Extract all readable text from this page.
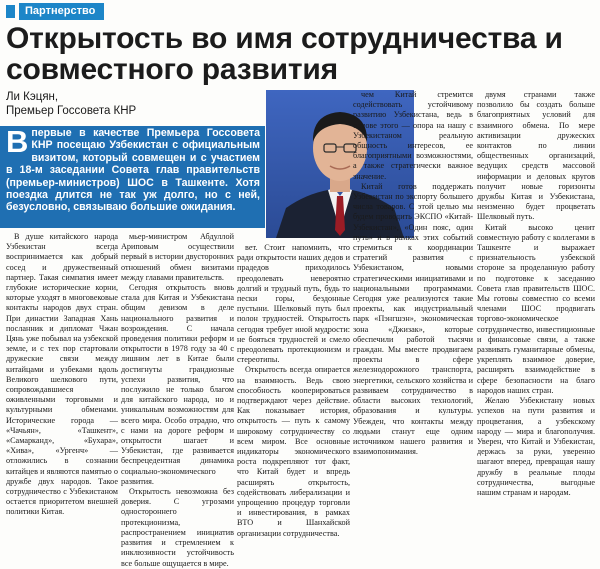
Партнерство
Открытость во имя сотрудничества и совместного развития
Ли Кэцян,
Премьер Госсовета КНР
В первые в качестве Премьера Госсовета КНР посещаю Узбекистан с официальным визитом, который совмещен и с участием в 18-м заседании Совета глав правительств (премьер-министров) ШОС в Ташкенте. Хотя поездка длится не так уж долго, но с ней, безусловно, связываю большие ожидания.

В душе китайского народа Узбекистан всегда воспринимается как добрый сосед и дружественный партнер. Такая симпатия имеет глубокие исторические корни, которые уходят в многовековые контакты народов двух стран. При династии Западная Хань посланник и дипломат Чжан Цянь уже побывал на узбекской земле, и с тех пор стартовали дружеские связи между китайцами и узбеками вдоль Великого шелкового пути, сопровождавшиеся оживленными торговыми и культурными обменами. Исторические города — «Чачьян», «Ташкент», «Самарканд», «Бухара», «Хива», «Ургенч» — отложились в сознании китайцев и являются памятью о дружбе двух народов. Такое сотрудничество с Узбекистаном остается приоритетом внешней политики Китая.

мьер-министром Абдуллой Ариповым осуществили первый в истории двусторонних отношений обмен визитами между главами правительств.

Сегодня открытость вновь стала для Китая и Узбекистана общим девизом в деле национального развития и возрождения. С начала проведения политики реформ и открытости в 1978 году за 40 с лишним лет в Китае были достигнуты грандиозные успехи развития, что послужило не только благом для китайского народа, но и уникальным возможностям для всего мира. Особо отрадно, что с нами на дороге реформ и открытости шагает и Узбекистан, где развивается беспрецедентная динамика социально-экономического развития.

Открытость невозможна без доверия. С угрозами одностороннего протекционизма, распространением инициатив развития и стремлением к инклюзивности устойчивость все больше ощущается в мире.

вет. Стоит напомнить, что ради открытости наших дедов и прадедов приходилось преодолевать невероятно долгий и трудный путь, будь то пески горы, бездонные пустыни. Шелковый путь был полон трудностей. Открытость сегодня требует иной мудрости: не бояться трудностей и смело преодолевать протекционизм и стереотипы.

Открытость всегда опирается на взаимность. Ведь свою способность кооперироваться подтверждают через действие. Как показывает история, открытость — путь к самому широкому сотрудничеству со всем миром. Все основные индикаторы экономического роста подкрепляют тот факт, что Китай будет и впредь расширять открытость, содействовать либерализации и упрощению процедур торговли и инвестирования, в рамках ВТО и Шанхайской организации сотрудничества.

чем Китай стремится содействовать устойчивому развитию Узбекистана, ведь в основе этого — опора на нашу с Узбекистаном реальную общность интересов, ее благоприятными возможностями, а также стратегически важное значение.

Китай готов поддержать Узбекистан по экспорту большего числа товаров. С этой целью мы будем проводить ЭКСПО «Китай-Узбекистан», «Один пояс, один путь» и в рамках этих событий стремиться к координации стратегий развития с Узбекистаном, новыми стратегическими инициативами и национальными программами. Сегодня уже реализуются такие проекты, как индустриальный парк «Пэнгшэн», экономическая зона «Джизак», которые обеспечили работой тысячи граждан. Мы вместе продвигаем проекты в сфере железнодорожного транспорта, энергетики, сельского хозяйства и развиваем сотрудничество в области высоких технологий, образования и культуры. Убежден, что контакты между людьми станут еще одним источником нашего развития и взаимопонимания.

двумя странами также позволило бы создать больше благоприятных условий для взаимного обмена. По мере активизации дружеских контактов по линии общественных организаций, ведущих средств массовой информации и деловых кругов получит новые горизонты дружбы Китая и Узбекистана, неизменно будет процветать Шелковый путь.

Китай высоко ценит совместную работу с коллегами в Ташкенте и выражает признательность узбекской стороне за проделанную работу по подготовке к заседанию Совета глав правительств ШОС. Мы готовы совместно со всеми членами ШОС продвигать торгово-экономическое сотрудничество, инвестиционные и финансовые связи, а также развивать гуманитарные обмены, укреплять взаимное доверие, расширять взаимодействие в сфере безопасности на благо народов наших стран.

Желаю Узбекистану новых успехов на пути развития и процветания, а узбекскому народу — мира и благополучия. Уверен, что Китай и Узбекистан, держась за руки, уверенно шагают вперед, превращая нашу дружбу в реальные плоды сотрудничества, выгодные нашим странам и народам.
